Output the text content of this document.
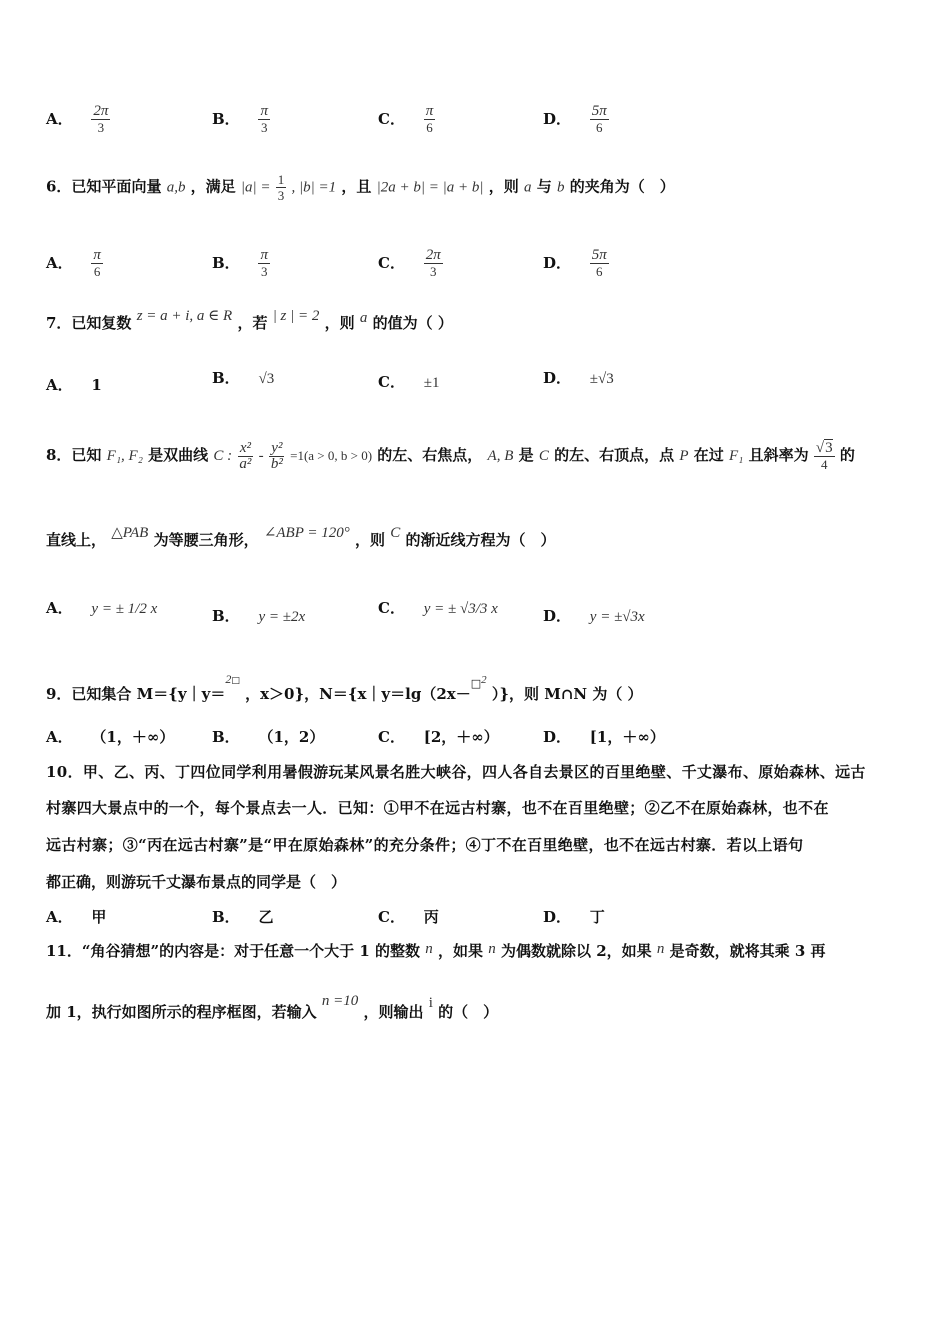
A． $\frac{2\pi}{3}$	B． $\frac{\pi}{3}$	C． $\frac{\pi}{6}$	D． $\frac{5\pi}{6}$
6．已知平面向量 a,b ，满足 $|a| = \frac{1}{3}$ , |b| =1 ，且 |2a + b| = |a + b| ，则 a 与 b 的夹角为（　）
A． $\frac{\pi}{6}$	B． $\frac{\pi}{3}$	C． $\frac{2\pi}{3}$	D． $\frac{5\pi}{6}$
7．已知复数 z = a + i, a ∈ R ，若 | z | = 2 ，则 a 的值为（ ）
A． 1	B． √3	C． ±1	D． ±√3
8．已知 F₁, F₂ 是双曲线 C : $\frac{\text{x²}}{\text{a²}} - \frac{\text{y²}}{\text{b²}} =1(a > 0$, b > 0) 的左、右焦点， A, B 是 C 的左、右顶点，点 P 在过 F₁ 且斜率为 $\frac{√3}{4}$ 的
直线上， △PAB 为等腰三角形， ∠ABP = 120° ，则 C 的渐近线方程为（　）
A． y = ± 1/2 x	B． y = ±2x	C． y = ± √3/3 x	D． y = ±√3x
9．已知集合 M＝{y｜y＝$^{2□}$ ，x＞0}，N＝{x｜y＝lg（2x－$^{□2}$ ）}，则 M∩N 为（ ）
A． （1，＋∞）	B． （1，2）	C． [2，＋∞）	D． [1，＋∞）
10．甲、乙、丙、丁四位同学利用暑假游玩某风景名胜大峡谷，四人各自去景区的百里绝壁、千丈瀑布、原始森林、远古
村寨四大景点中的一个，每个景点去一人．已知：①甲不在远古村寨，也不在百里绝壁；②乙不在原始森林，也不在
远古村寨；③“丙在远古村寨”是“甲在原始森林”的充分条件；④丁不在百里绝壁，也不在远古村寨．若以上语句
都正确，则游玩千丈瀑布景点的同学是（　）
A． 甲	B． 乙	C． 丙	D． 丁
11．“角谷猜想”的内容是：对于任意一个大于 1 的整数 n ，如果 n 为偶数就除以 2，如果 n 是奇数，就将其乘 3 再
加 1，执行如图所示的程序框图，若输入 n =10 ，则输出 i 的（　）
